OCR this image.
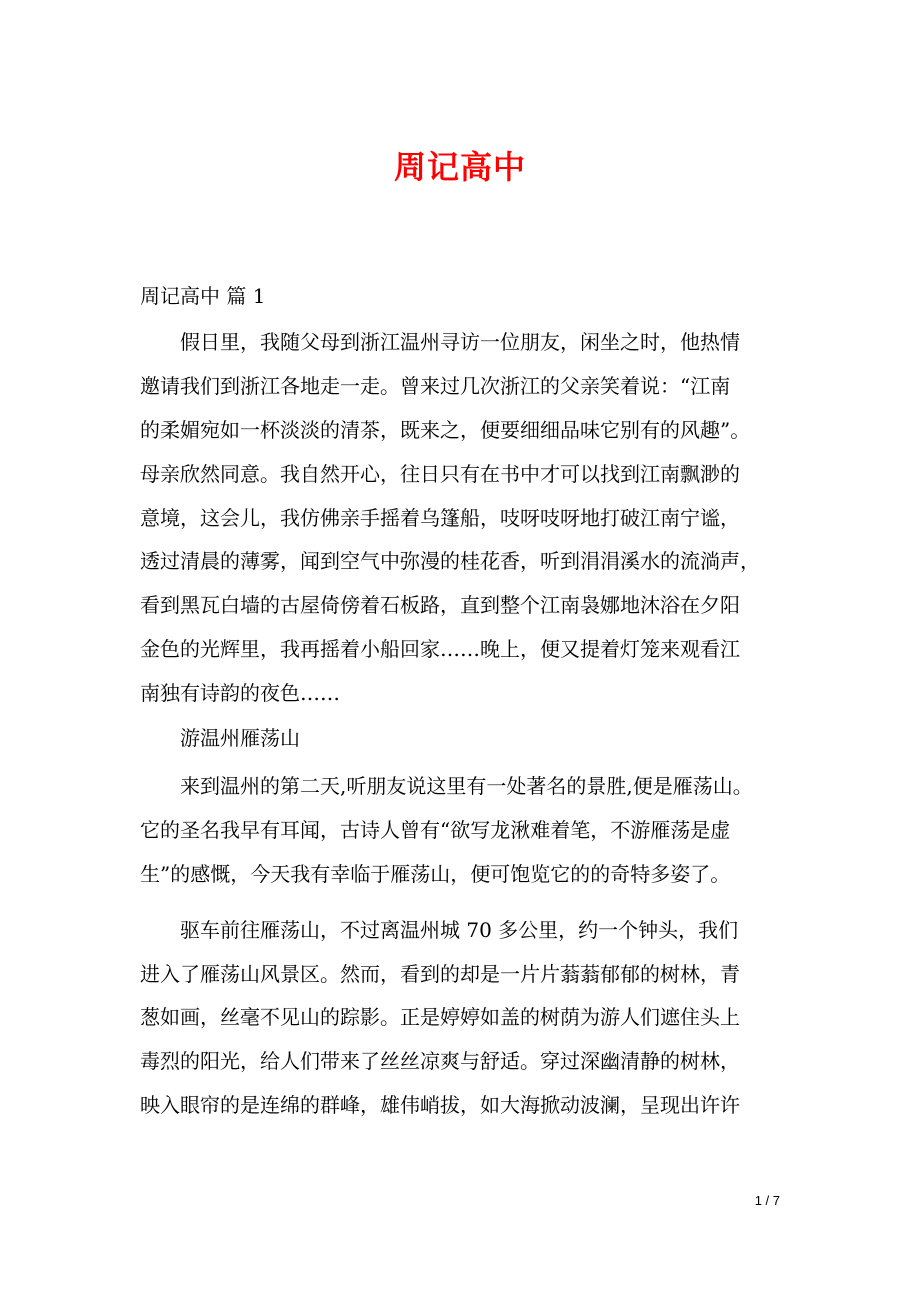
周记高中
周记高中 篇 1
　　假日里，我随父母到浙江温州寻访一位朋友，闲坐之时，他热情
邀请我们到浙江各地走一走。曾来过几次浙江的父亲笑着说：“江南
的柔媚宛如一杯淡淡的清茶，既来之，便要细细品味它别有的风趣”。
母亲欣然同意。我自然开心，往日只有在书中才可以找到江南飘渺的
意境，这会儿，我仿佛亲手摇着乌篷船，吱呀吱呀地打破江南宁谧，
透过清晨的薄雾，闻到空气中弥漫的桂花香，听到涓涓溪水的流淌声，
看到黑瓦白墙的古屋倚傍着石板路，直到整个江南袅娜地沐浴在夕阳
金色的光辉里，我再摇着小船回家……晚上，便又提着灯笼来观看江
南独有诗韵的夜色……
　　游温州雁荡山
　　来到温州的第二天,听朋友说这里有一处著名的景胜,便是雁荡山。
它的圣名我早有耳闻，古诗人曾有“欲写龙湫难着笔，不游雁荡是虚
生”的感慨，今天我有幸临于雁荡山，便可饱览它的的奇特多姿了。
　　驱车前往雁荡山，不过离温州城 70 多公里，约一个钟头，我们
进入了雁荡山风景区。然而，看到的却是一片片蓊蓊郁郁的树林，青
葱如画，丝毫不见山的踪影。正是婷婷如盖的树荫为游人们遮住头上
毒烈的阳光，给人们带来了丝丝凉爽与舒适。穿过深幽清静的树林，
映入眼帘的是连绵的群峰，雄伟峭拔，如大海掀动波澜，呈现出许许
1 / 7
